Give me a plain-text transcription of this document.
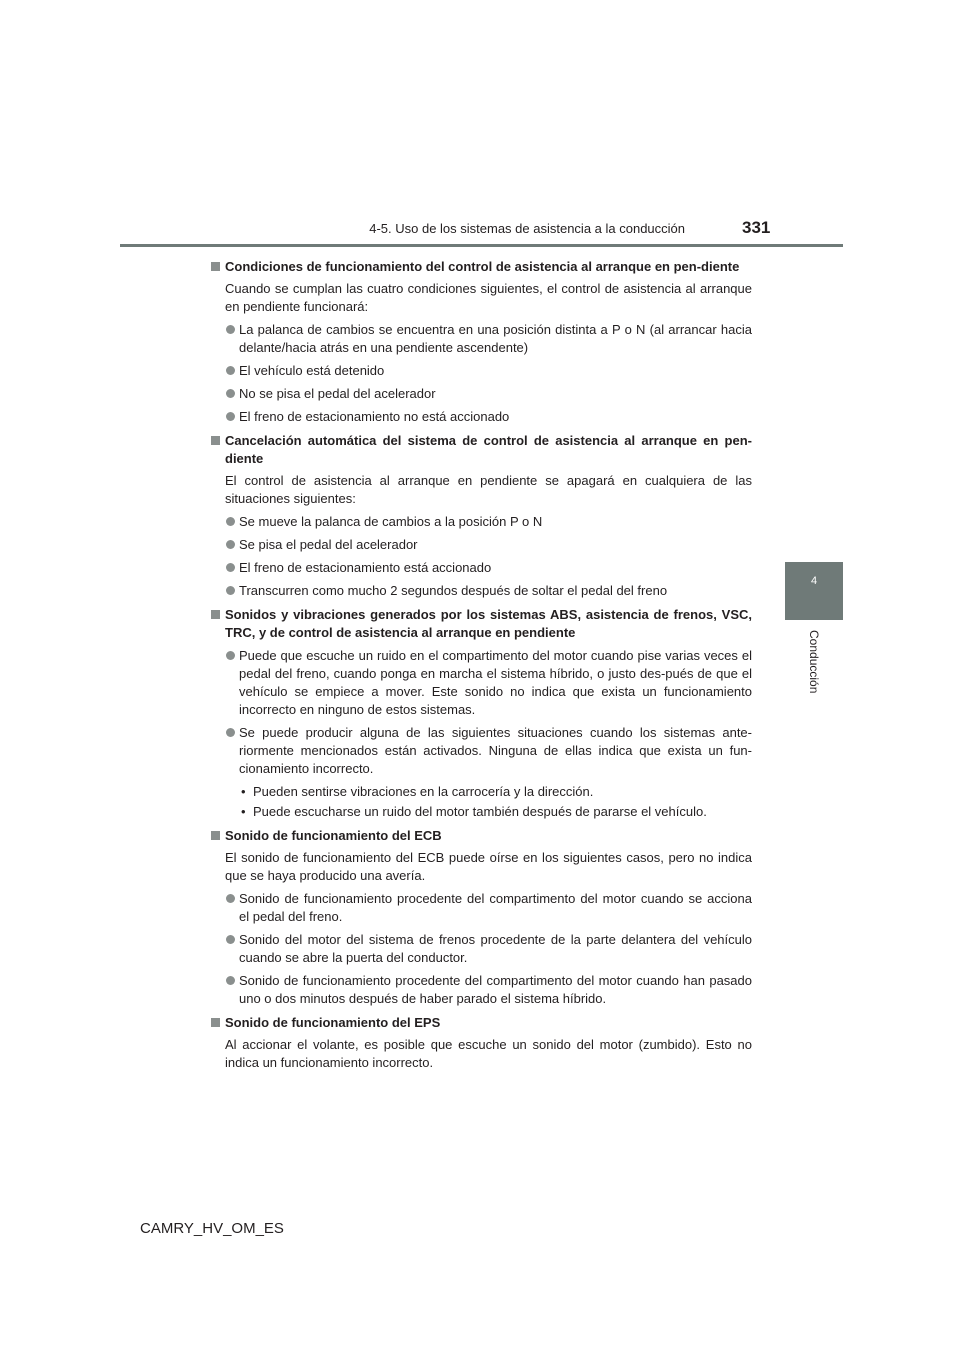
4-5. Uso de los sistemas de asistencia a la conducción	331
4
Conducción
Condiciones de funcionamiento del control de asistencia al arranque en pen-diente
Cuando se cumplan las cuatro condiciones siguientes, el control de asistencia al arranque en pendiente funcionará:
La palanca de cambios se encuentra en una posición distinta a P o N (al arrancar hacia delante/hacia atrás en una pendiente ascendente)
El vehículo está detenido
No se pisa el pedal del acelerador
El freno de estacionamiento no está accionado
Cancelación automática del sistema de control de asistencia al arranque en pen-diente
El control de asistencia al arranque en pendiente se apagará en cualquiera de las situaciones siguientes:
Se mueve la palanca de cambios a la posición P o N
Se pisa el pedal del acelerador
El freno de estacionamiento está accionado
Transcurren como mucho 2 segundos después de soltar el pedal del freno
Sonidos y vibraciones generados por los sistemas ABS, asistencia de frenos, VSC, TRC, y de control de asistencia al arranque en pendiente
Puede que escuche un ruido en el compartimento del motor cuando pise varias veces el pedal del freno, cuando ponga en marcha el sistema híbrido, o justo des-pués de que el vehículo se empiece a mover. Este sonido no indica que exista un funcionamiento incorrecto en ninguno de estos sistemas.
Se puede producir alguna de las siguientes situaciones cuando los sistemas ante-riormente mencionados están activados. Ninguna de ellas indica que exista un fun-cionamiento incorrecto.
• Pueden sentirse vibraciones en la carrocería y la dirección.
• Puede escucharse un ruido del motor también después de pararse el vehículo.
Sonido de funcionamiento del ECB
El sonido de funcionamiento del ECB puede oírse en los siguientes casos, pero no indica que se haya producido una avería.
Sonido de funcionamiento procedente del compartimento del motor cuando se acciona el pedal del freno.
Sonido del motor del sistema de frenos procedente de la parte delantera del vehículo cuando se abre la puerta del conductor.
Sonido de funcionamiento procedente del compartimento del motor cuando han pasado uno o dos minutos después de haber parado el sistema híbrido.
Sonido de funcionamiento del EPS
Al accionar el volante, es posible que escuche un sonido del motor (zumbido). Esto no indica un funcionamiento incorrecto.
CAMRY_HV_OM_ES
